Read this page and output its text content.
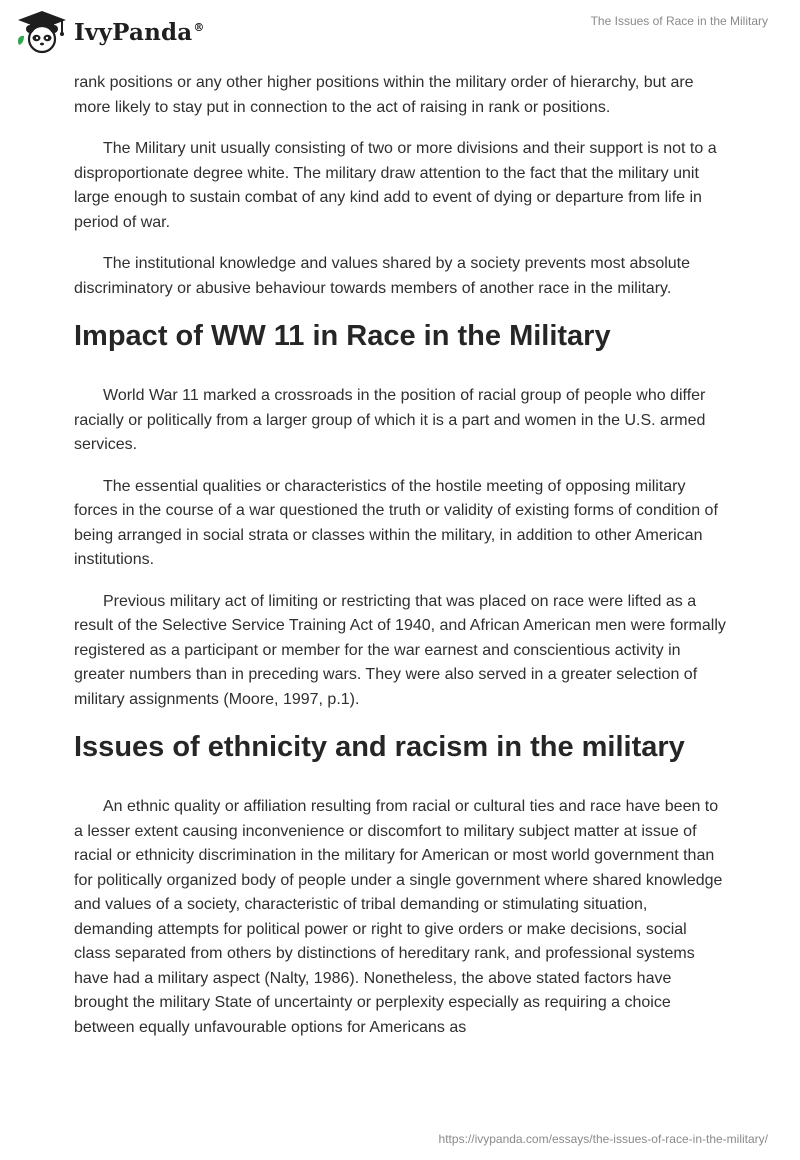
IvyPanda®	The Issues of Race in the Military

rank positions or any other higher positions within the military order of hierarchy, but are more likely to stay put in connection to the act of raising in rank or positions.

The Military unit usually consisting of two or more divisions and their support is not to a disproportionate degree white. The military draw attention to the fact that the military unit large enough to sustain combat of any kind add to event of dying or departure from life in period of war.

The institutional knowledge and values shared by a society prevents most absolute discriminatory or abusive behaviour towards members of another race in the military.

Impact of WW 11 in Race in the Military

World War 11 marked a crossroads in the position of racial group of people who differ racially or politically from a larger group of which it is a part and women in the U.S. armed services.

The essential qualities or characteristics of the hostile meeting of opposing military forces in the course of a war questioned the truth or validity of existing forms of condition of being arranged in social strata or classes within the military, in addition to other American institutions.

Previous military act of limiting or restricting that was placed on race were lifted as a result of the Selective Service Training Act of 1940, and African American men were formally registered as a participant or member for the war earnest and conscientious activity in greater numbers than in preceding wars. They were also served in a greater selection of military assignments (Moore, 1997, p.1).

Issues of ethnicity and racism in the military

An ethnic quality or affiliation resulting from racial or cultural ties and race have been to a lesser extent causing inconvenience or discomfort to military subject matter at issue of racial or ethnicity discrimination in the military for American or most world government than for politically organized body of people under a single government where shared knowledge and values of a society, characteristic of tribal demanding or stimulating situation, demanding attempts for political power or right to give orders or make decisions, social class separated from others by distinctions of hereditary rank, and professional systems have had a military aspect (Nalty, 1986). Nonetheless, the above stated factors have brought the military State of uncertainty or perplexity especially as requiring a choice between equally unfavourable options for Americans as

https://ivypanda.com/essays/the-issues-of-race-in-the-military/
